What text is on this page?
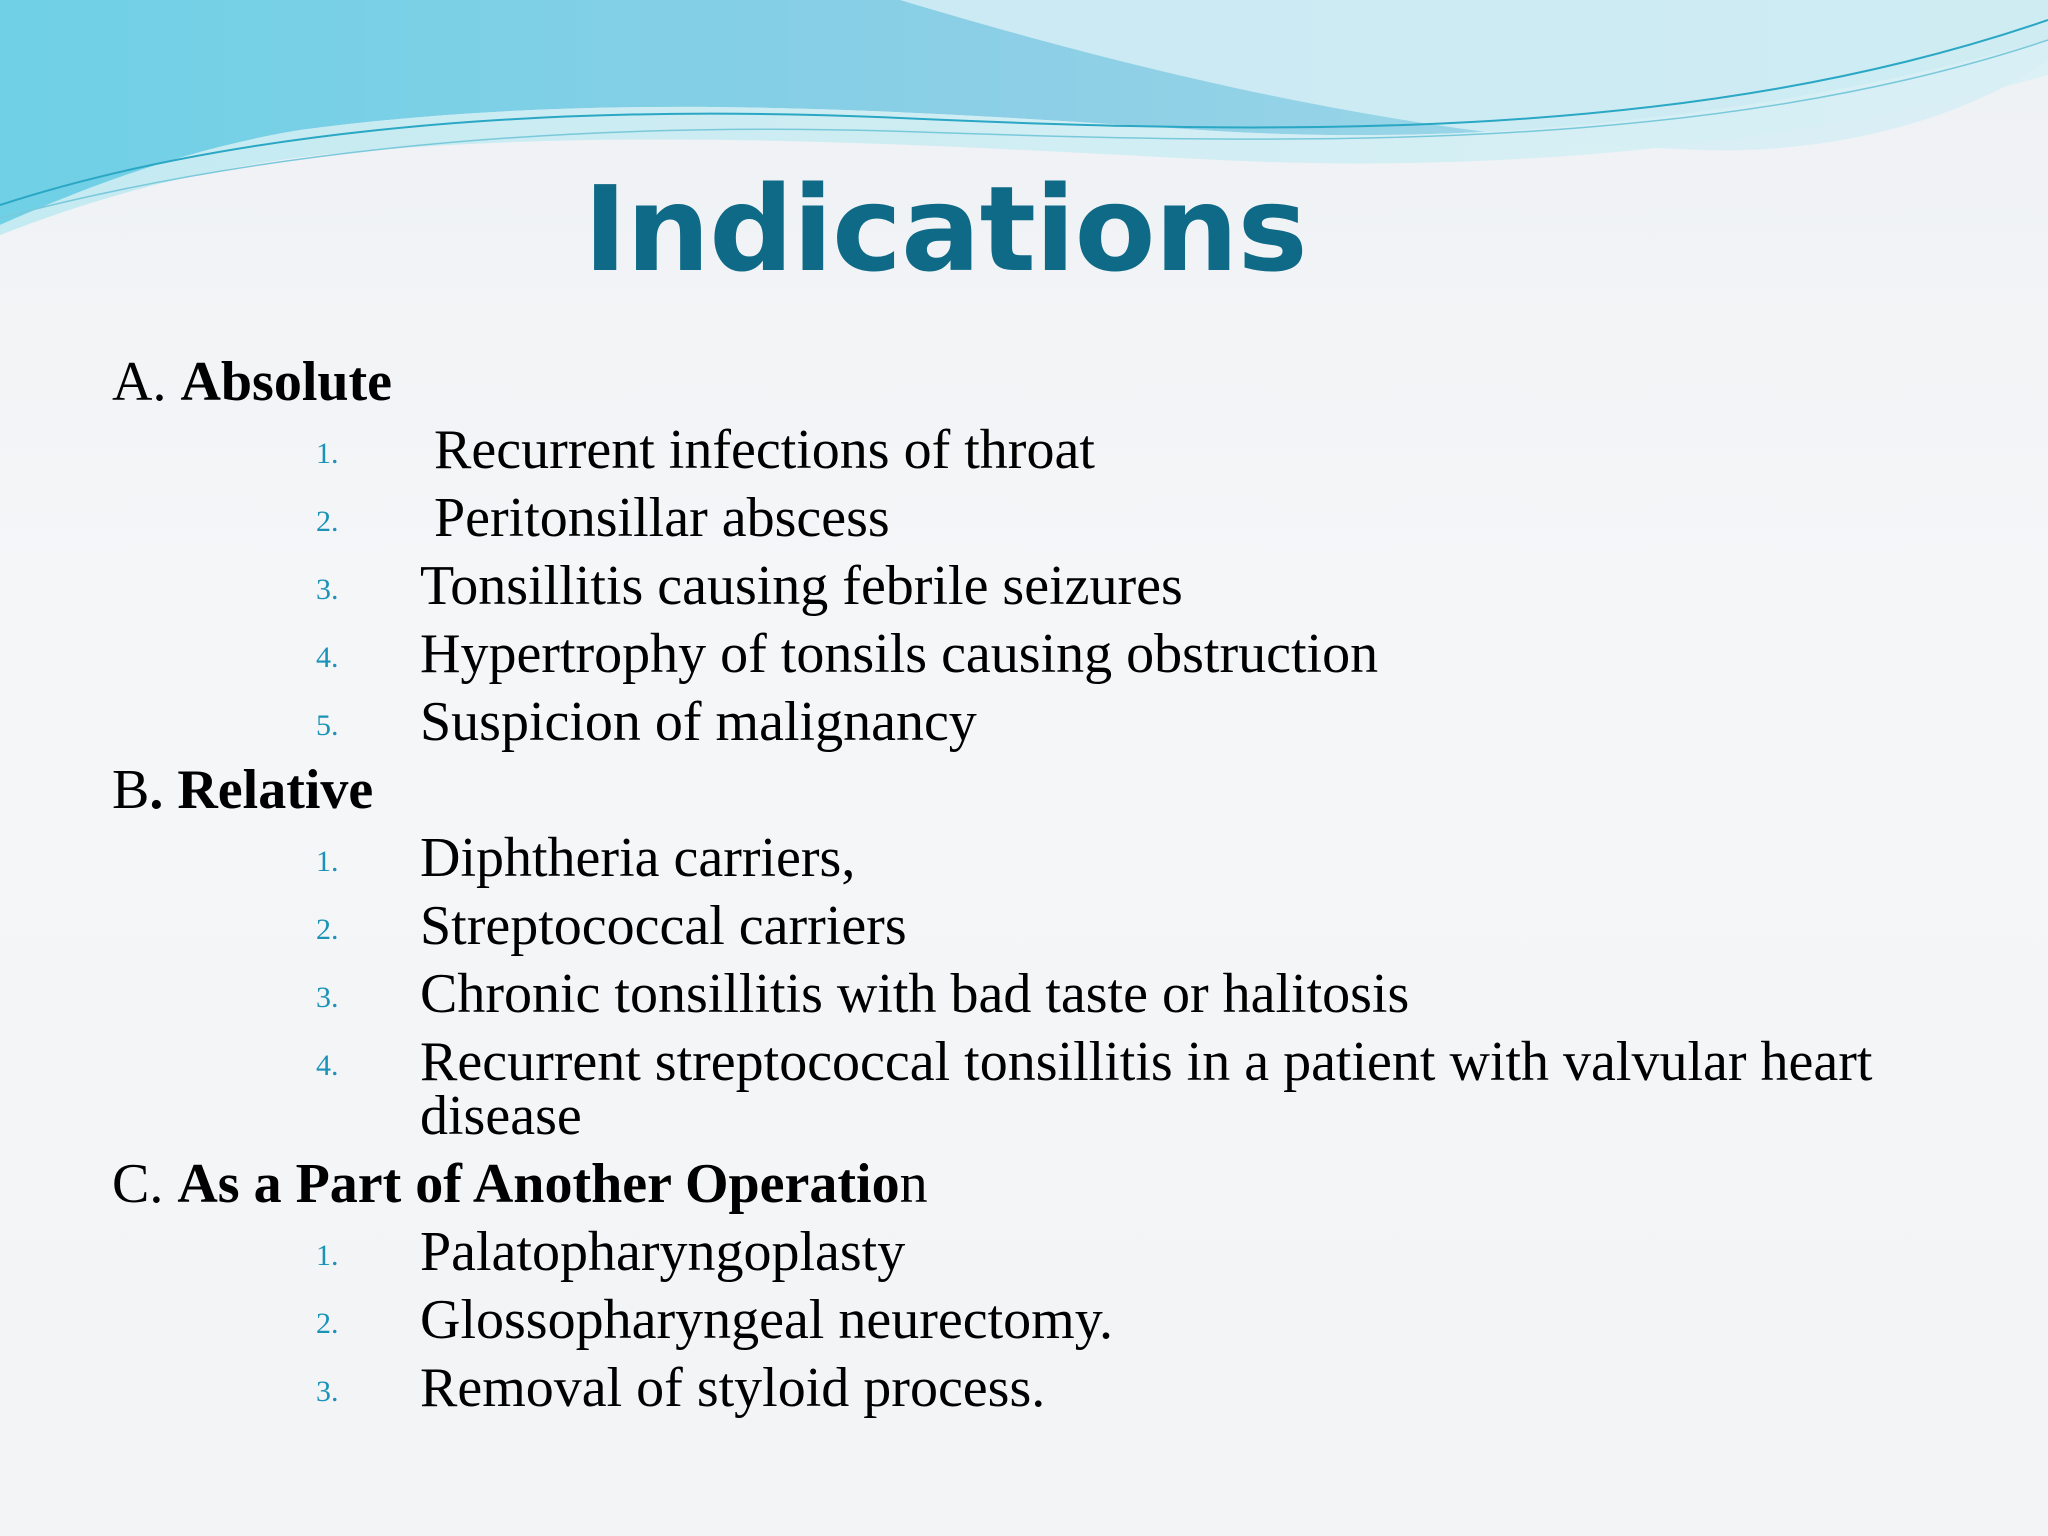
Indications
A. Absolute
1. Recurrent infections of throat
2. Peritonsillar abscess
3. Tonsillitis causing febrile seizures
4. Hypertrophy of tonsils causing obstruction
5. Suspicion of malignancy
B. Relative
1. Diphtheria carriers,
2. Streptococcal carriers
3. Chronic tonsillitis with bad taste or halitosis
4. Recurrent streptococcal tonsillitis in a patient with valvular heart disease
C. As a Part of Another Operation
1. Palatopharyngoplasty
2. Glossopharyngeal neurectomy.
3. Removal of styloid process.
